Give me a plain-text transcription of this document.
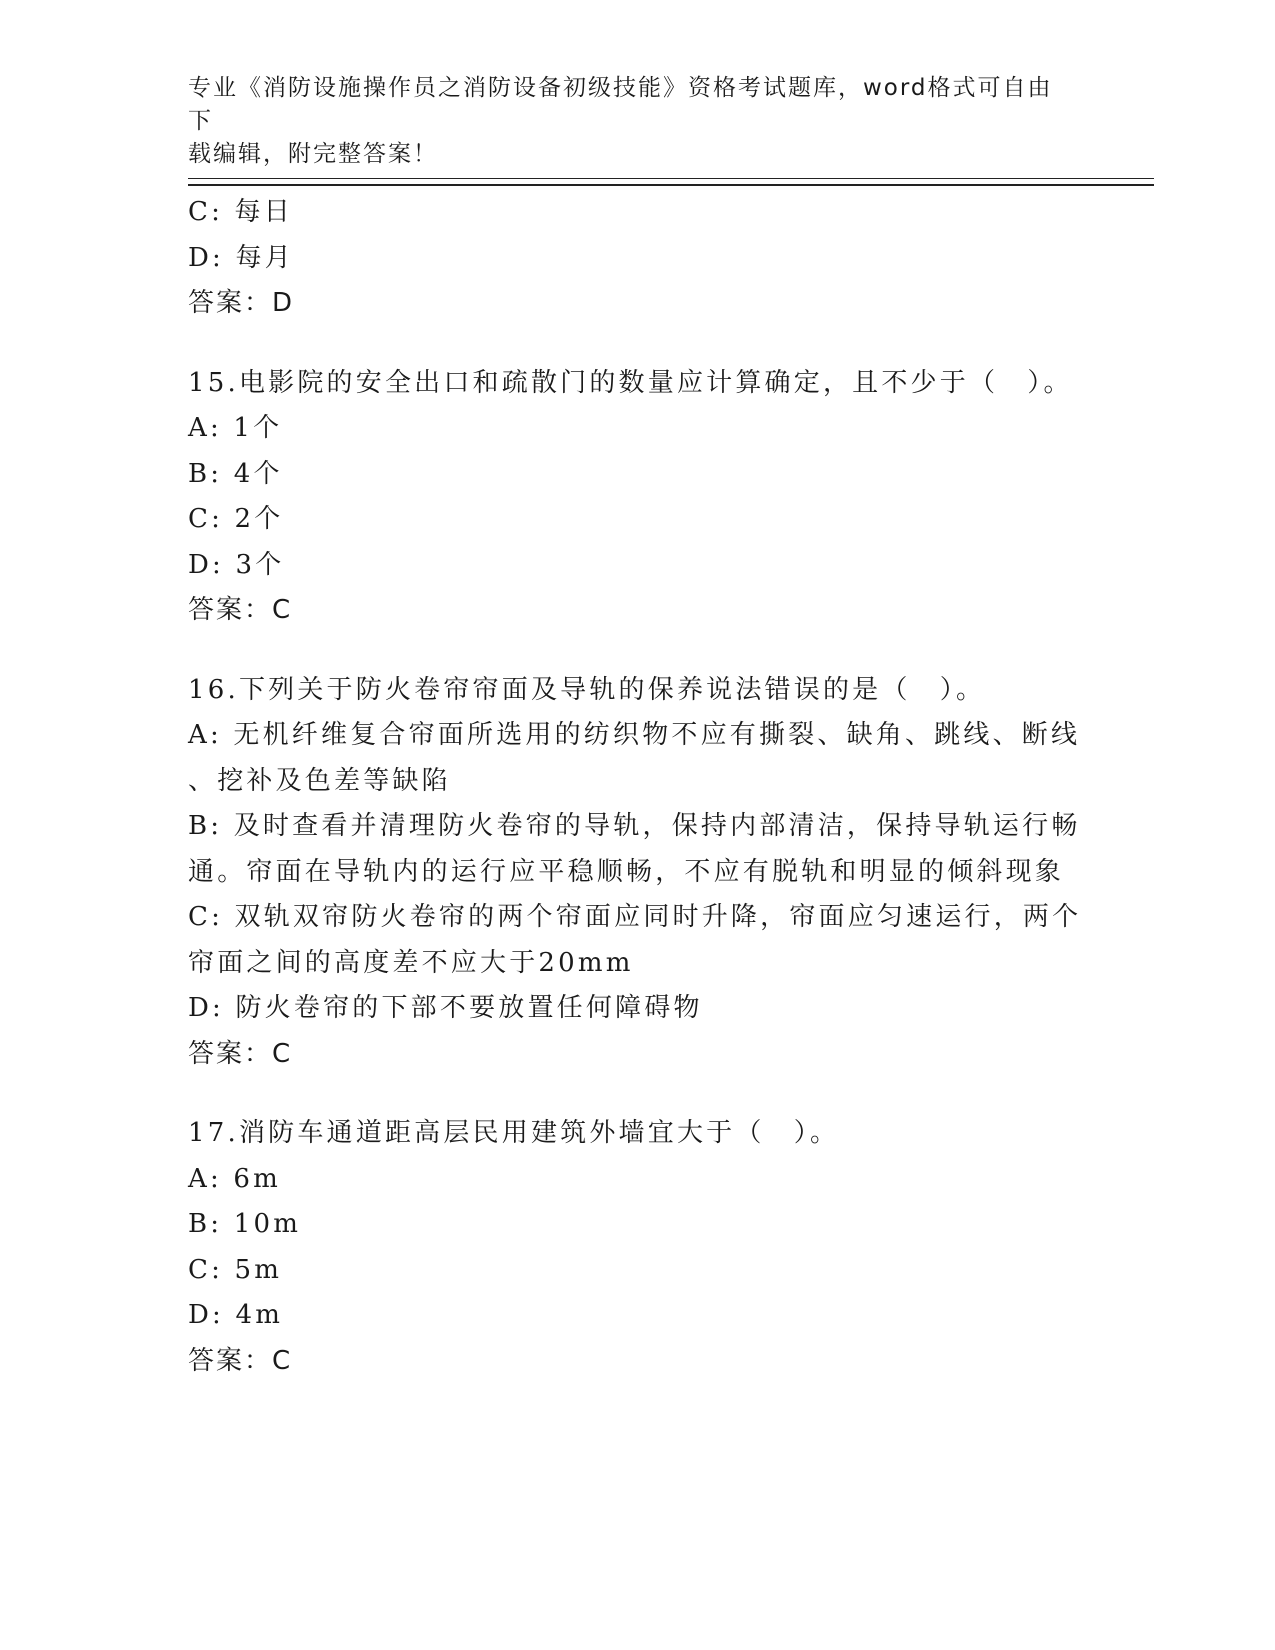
专业《消防设施操作员之消防设备初级技能》资格考试题库，word格式可自由下
载编辑，附完整答案！
C: 每日
D: 每月
答案：D
15.电影院的安全出口和疏散门的数量应计算确定，且不少于（　）。
A: 1个
B: 4个
C: 2个
D: 3个
答案：C
16.下列关于防火卷帘帘面及导轨的保养说法错误的是（　）。
A: 无机纤维复合帘面所选用的纺织物不应有撕裂、缺角、跳线、断线
、挖补及色差等缺陷
B: 及时查看并清理防火卷帘的导轨，保持内部清洁，保持导轨运行畅
通。帘面在导轨内的运行应平稳顺畅，不应有脱轨和明显的倾斜现象
C: 双轨双帘防火卷帘的两个帘面应同时升降，帘面应匀速运行，两个
帘面之间的高度差不应大于20mm
D: 防火卷帘的下部不要放置任何障碍物
答案：C
17.消防车通道距高层民用建筑外墙宜大于（　）。
A: 6m
B: 10m
C: 5m
D: 4m
答案：C
